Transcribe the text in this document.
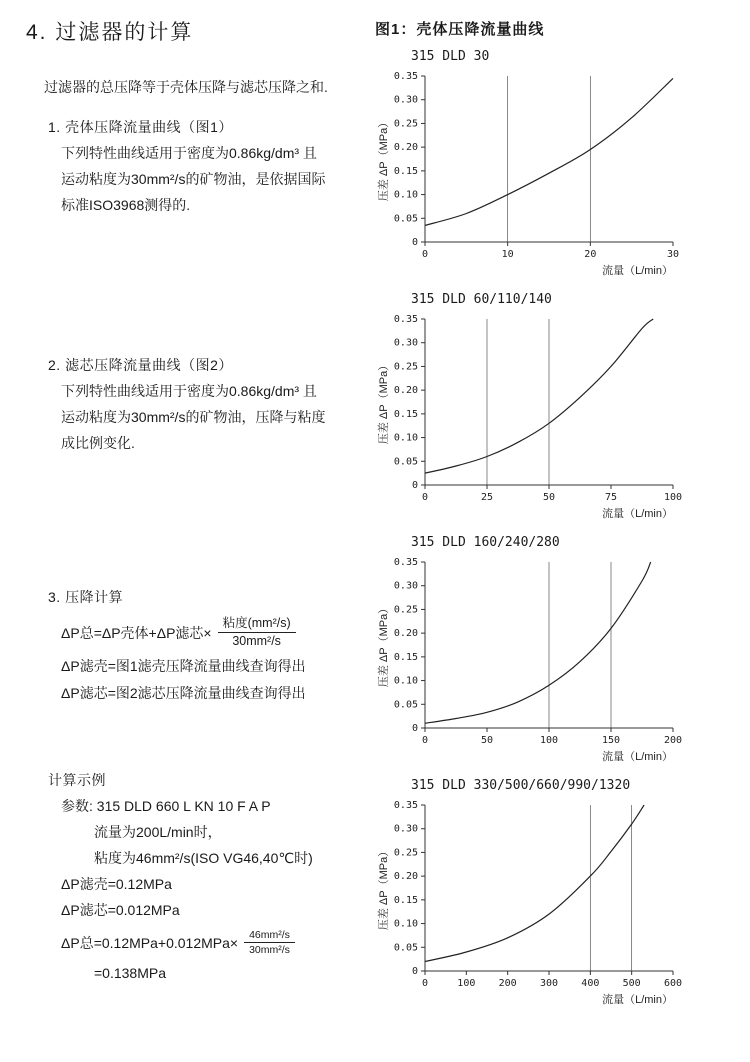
4. 过滤器的计算

过滤器的总压降等于壳体压降与滤芯压降之和.

1. 壳体压降流量曲线（图1）
下列特性曲线适用于密度为0.86kg/dm³ 且
运动粘度为30mm²/s的矿物油，是依据国际
标准ISO3968测得的.
2. 滤芯压降流量曲线（图2）
下列特性曲线适用于密度为0.86kg/dm³ 且
运动粘度为30mm²/s的矿物油，压降与粘度
成比例变化.
3. 压降计算
ΔP总=ΔP壳体+ΔP滤芯× $\frac{\text{粘度(mm²/s)}}{\text{30mm²/s}}$
ΔP滤壳=图1滤壳压降流量曲线查询得出
ΔP滤芯=图2滤芯压降流量曲线查询得出
计算示例
参数: 315 DLD 660 L KN 10 F A P
流量为200L/min时，
粘度为46mm²/s(ISO VG46,40℃时)
ΔP滤壳=0.12MPa
ΔP滤芯=0.012MPa
ΔP总$=0.12MPa+0.012MPa\times \frac{\text{46mm²/s}}{\text{30mm²/s}}$
=0.138MPa
图1：壳体压降流量曲线
315 DLD 30
0
0.05
0.10
0.15
0.20
0.25
0.30
0.35
0	10	20	30
流量（L/min）
压差 ΔP（MPa）
315 DLD 60/110/140
0
0.05
0.10
0.15
0.20
0.25
0.30
0.35
0	25	50	75	100
流量（L/min）
压差 ΔP（MPa）
315 DLD 160/240/280
0
0.05
0.10
0.15
0.20
0.25
0.30
0.35
0	50	100	150	200
流量（L/min）
压差 ΔP（MPa）
315 DLD 330/500/660/990/1320
0
0.05
0.10
0.15
0.20
0.25
0.30
0.35
0	100 200 300 400 500 600
流量（L/min）
压差 ΔP（MPa）
